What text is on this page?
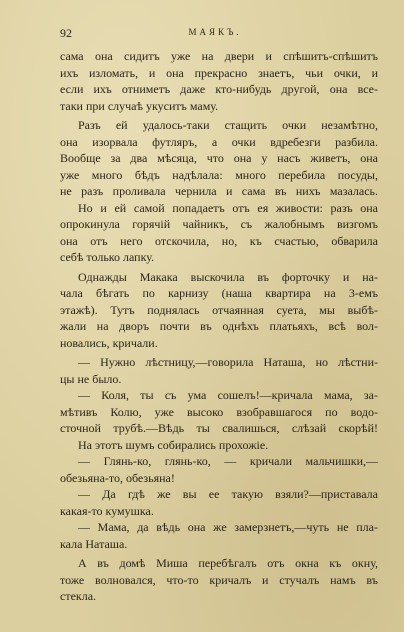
92	МАЯКЪ.
сама она сидитъ уже на двери и спѣшитъ-спѣшитъ
ихъ изломать, и она прекрасно знаетъ, чьи очки, и
если ихъ отниметъ даже кто-нибудь другой, она все-
таки при случаѣ укуситъ маму.
Разъ ей удалось-таки стащить очки незамѣтно,
она изорвала футляръ, а очки вдребезги разбила.
Вообще за два мѣсяца, что она у насъ живетъ, она
уже много бѣдъ надѣлала: много перебила посуды,
не разъ проливала чернила и сама въ нихъ мазалась.
Но и ей самой попадаетъ отъ ея живости: разъ она
опрокинула горячій чайникъ, съ жалобнымъ визгомъ
она отъ него отскочила, но, къ счастью, обварила
себѣ только лапку.
Однажды Макака выскочила въ форточку и на-
чала бѣгать по карнизу (наша квартира на 3-емъ
этажѣ). Тутъ поднялась отчаянная суета, мы выбѣ-
жали на дворъ почти въ однѣхъ платьяхъ, всѣ вол-
новались, кричали.
— Нужно лѣстницу,—говорила Наташа, но лѣстни-
цы не было.
— Коля, ты съ ума сошелъ!—кричала мама, за-
мѣтивъ Колю, уже высоко взобравшагося по водо-
сточной трубѣ.—Вѣдь ты свалишься, слѣзай скорѣй!
На этотъ шумъ собирались прохожіе.
— Глянь-ко, глянь-ко, — кричали мальчишки,—
обезьяна-то, обезьяна!
— Да гдѣ же вы ее такую взяли?—приставала
какая-то кумушка.
— Мама, да вѣдь она же замерзнетъ,—чуть не пла-
кала Наташа.
А въ домѣ Миша перебѣгалъ отъ окна къ окну,
тоже волновался, что-то кричалъ и стучалъ намъ въ
стекла.
